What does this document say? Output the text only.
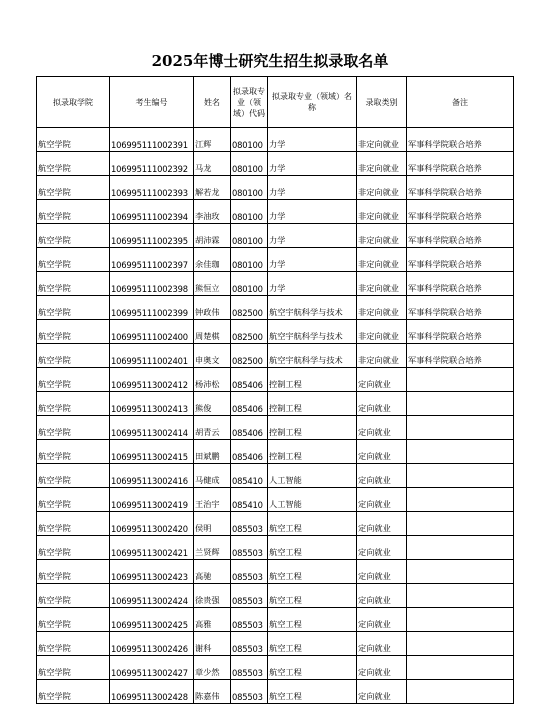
2025年博士研究生招生拟录取名单
拟录取学院	考生编号	姓名	拟录取专业（领域）代码	拟录取专业（领域）名称	录取类别	备注
航空学院	106995111002391	江辉	080100	力学	非定向就业	军事科学院联合培养
航空学院	106995111002392	马龙	080100	力学	非定向就业	军事科学院联合培养
航空学院	106995111002393	解若龙	080100	力学	非定向就业	军事科学院联合培养
航空学院	106995111002394	李油玫	080100	力学	非定向就业	军事科学院联合培养
航空学院	106995111002395	胡沛霖	080100	力学	非定向就业	军事科学院联合培养
航空学院	106995111002397	余佳珈	080100	力学	非定向就业	军事科学院联合培养
航空学院	106995111002398	熊恒立	080100	力学	非定向就业	军事科学院联合培养
航空学院	106995111002399	钟政伟	082500	航空宇航科学与技术	非定向就业	军事科学院联合培养
航空学院	106995111002400	周楚棋	082500	航空宇航科学与技术	非定向就业	军事科学院联合培养
航空学院	106995111002401	申奥文	082500	航空宇航科学与技术	非定向就业	军事科学院联合培养
航空学院	106995113002412	杨沛松	085406	控制工程	定向就业	
航空学院	106995113002413	熊俊	085406	控制工程	定向就业	
航空学院	106995113002414	胡青云	085406	控制工程	定向就业	
航空学院	106995113002415	田斌鹏	085406	控制工程	定向就业	
航空学院	106995113002416	马健成	085410	人工智能	定向就业	
航空学院	106995113002419	王治宇	085410	人工智能	定向就业	
航空学院	106995113002420	侯明	085503	航空工程	定向就业	
航空学院	106995113002421	兰贤辉	085503	航空工程	定向就业	
航空学院	106995113002423	高驰	085503	航空工程	定向就业	
航空学院	106995113002424	徐贵强	085503	航空工程	定向就业	
航空学院	106995113002425	高雅	085503	航空工程	定向就业	
航空学院	106995113002426	谢科	085503	航空工程	定向就业	
航空学院	106995113002427	章少然	085503	航空工程	定向就业	
航空学院	106995113002428	陈嘉伟	085503	航空工程	定向就业	
